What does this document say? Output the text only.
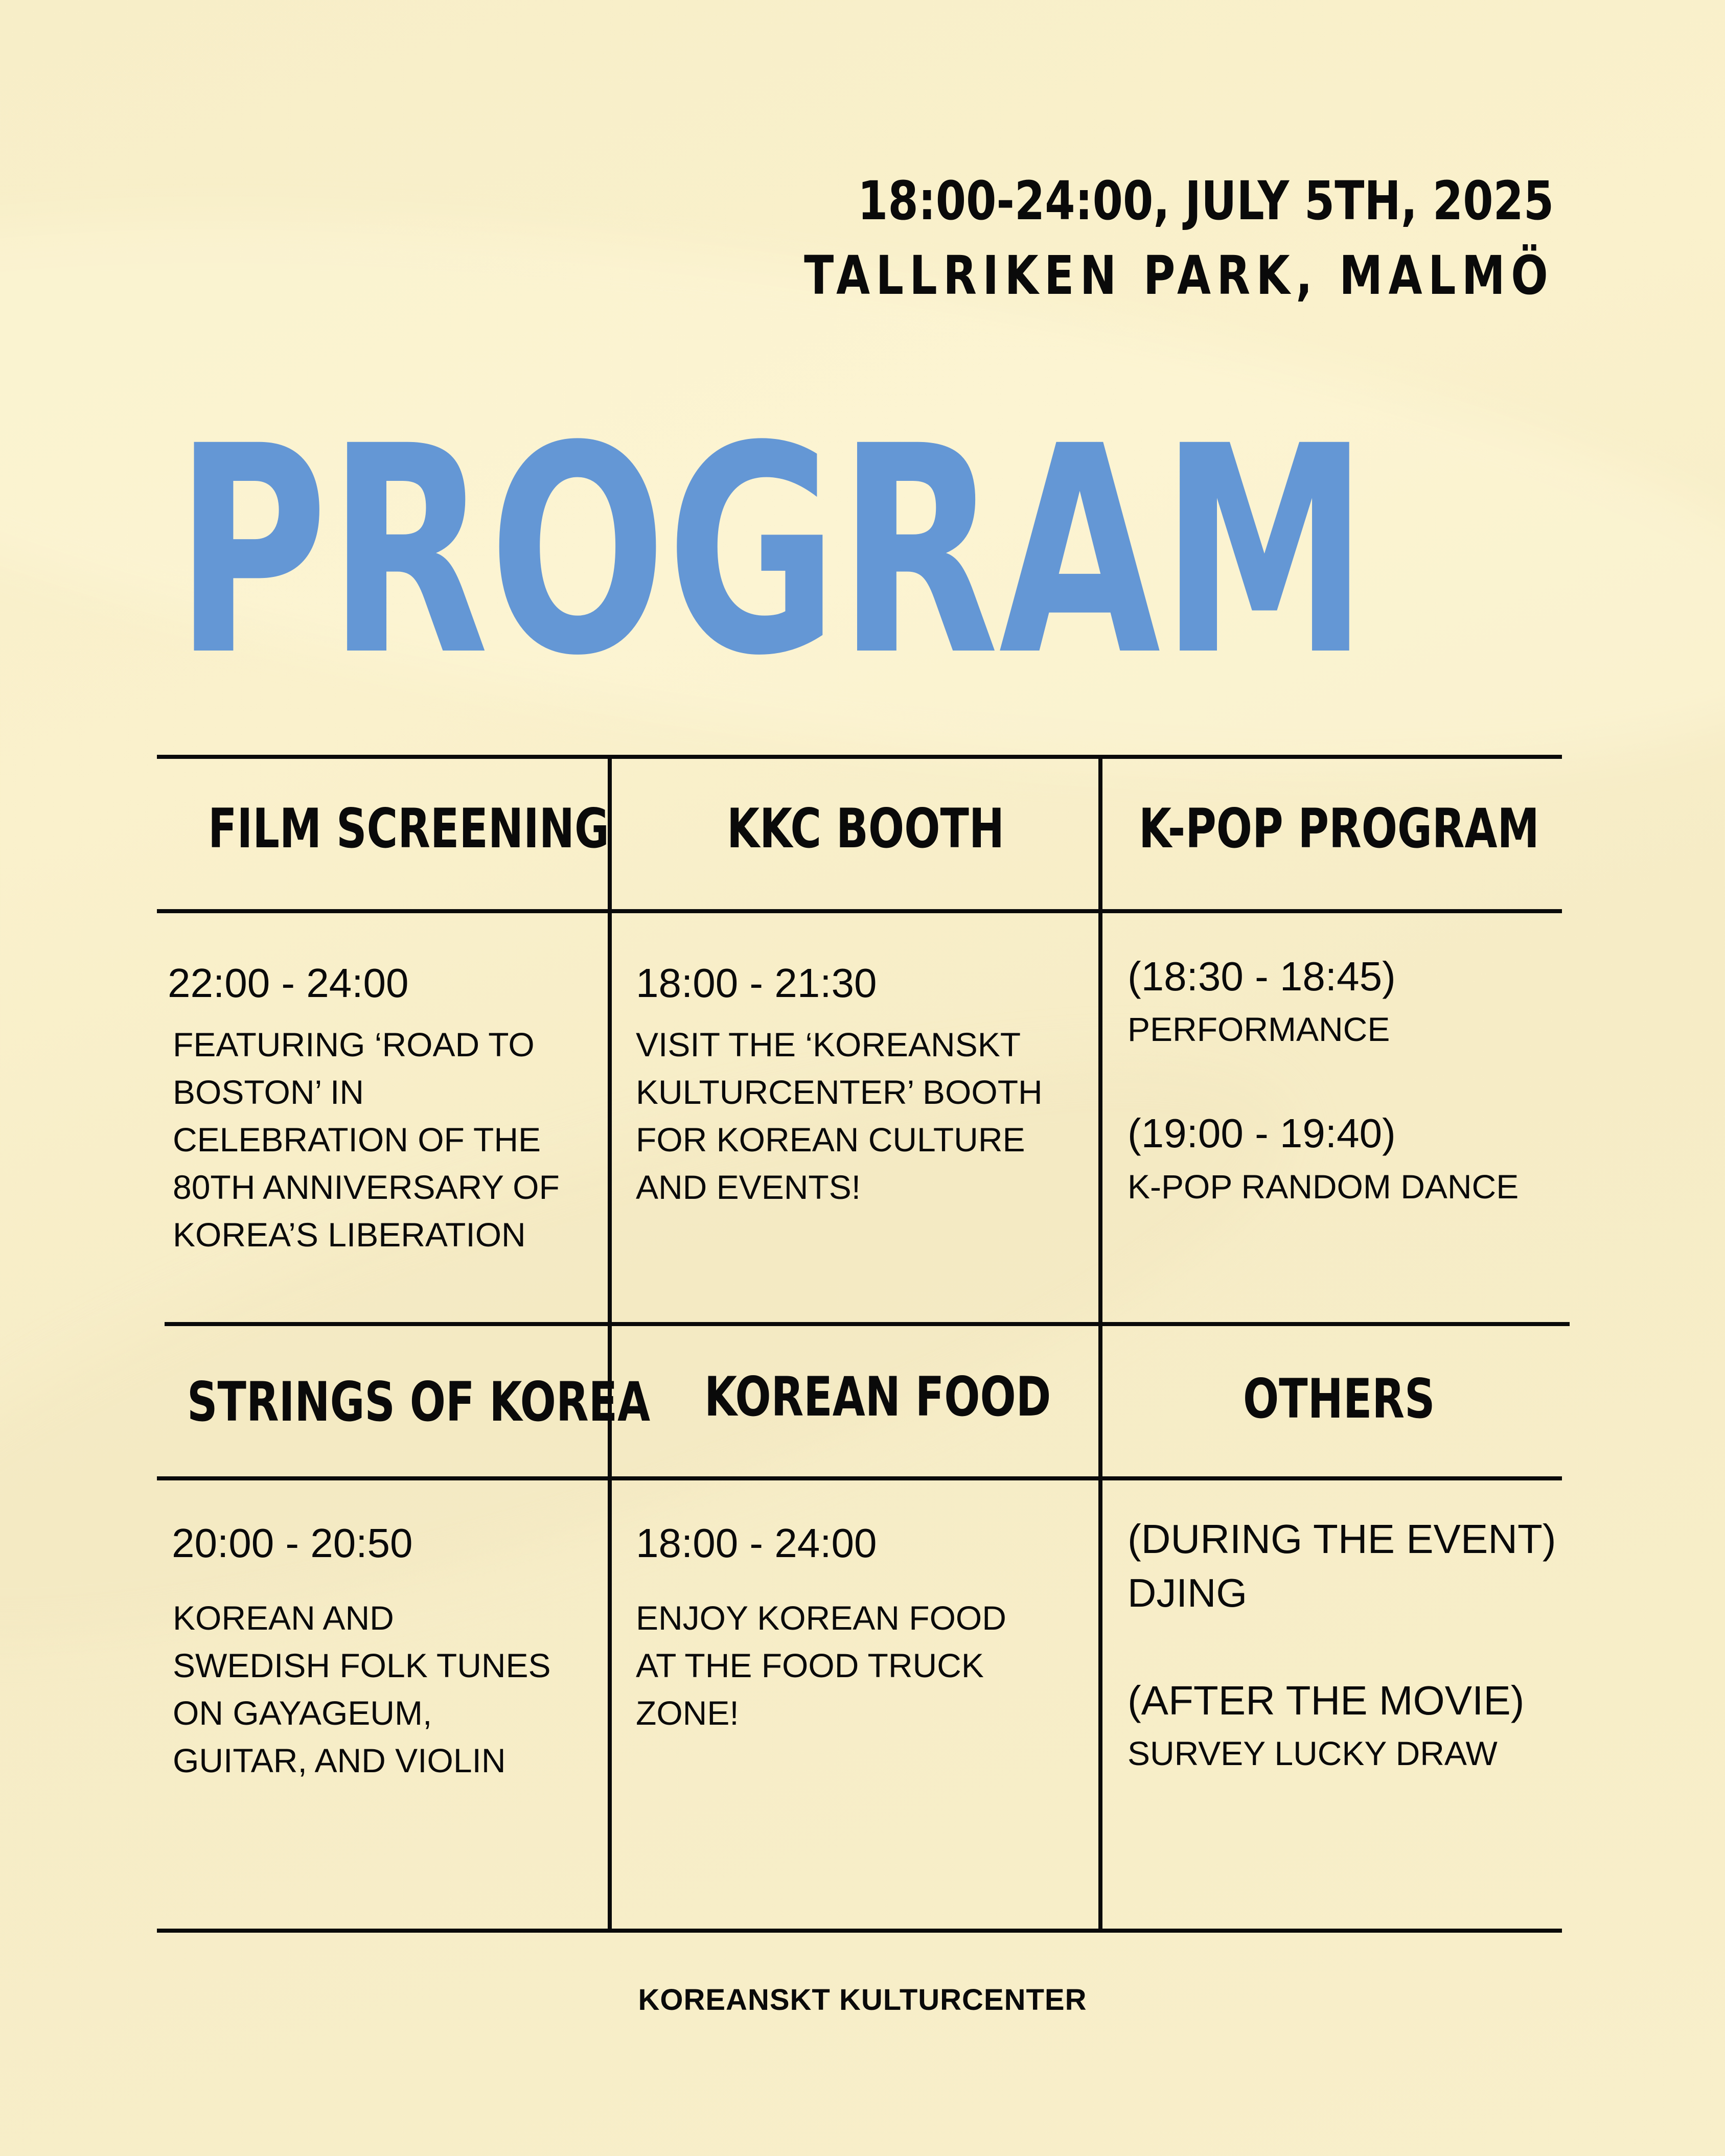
18:00-24:00, JULY 5TH, 2025
TALLRIKEN PARK, MALMÖ
PROGRAM
FILM SCREENING
22:00 - 24:00
FEATURING ‘ROAD TO
BOSTON’ IN
CELEBRATION OF THE
80TH ANNIVERSARY OF
KOREA’S LIBERATION
KKC BOOTH
18:00 - 21:30
VISIT THE ‘KOREANSKT
KULTURCENTER’ BOOTH
FOR KOREAN CULTURE
AND EVENTS!
K-POP PROGRAM
(18:30 - 18:45)
PERFORMANCE
(19:00 - 19:40)
K-POP RANDOM DANCE
STRINGS OF KOREA
20:00 - 20:50
KOREAN AND
SWEDISH FOLK TUNES
ON GAYAGEUM,
GUITAR, AND VIOLIN
KOREAN FOOD
18:00 - 24:00
ENJOY KOREAN FOOD
AT THE FOOD TRUCK
ZONE!
OTHERS
(DURING THE EVENT)
DJING
(AFTER THE MOVIE)
SURVEY LUCKY DRAW
KOREANSKT KULTURCENTER
